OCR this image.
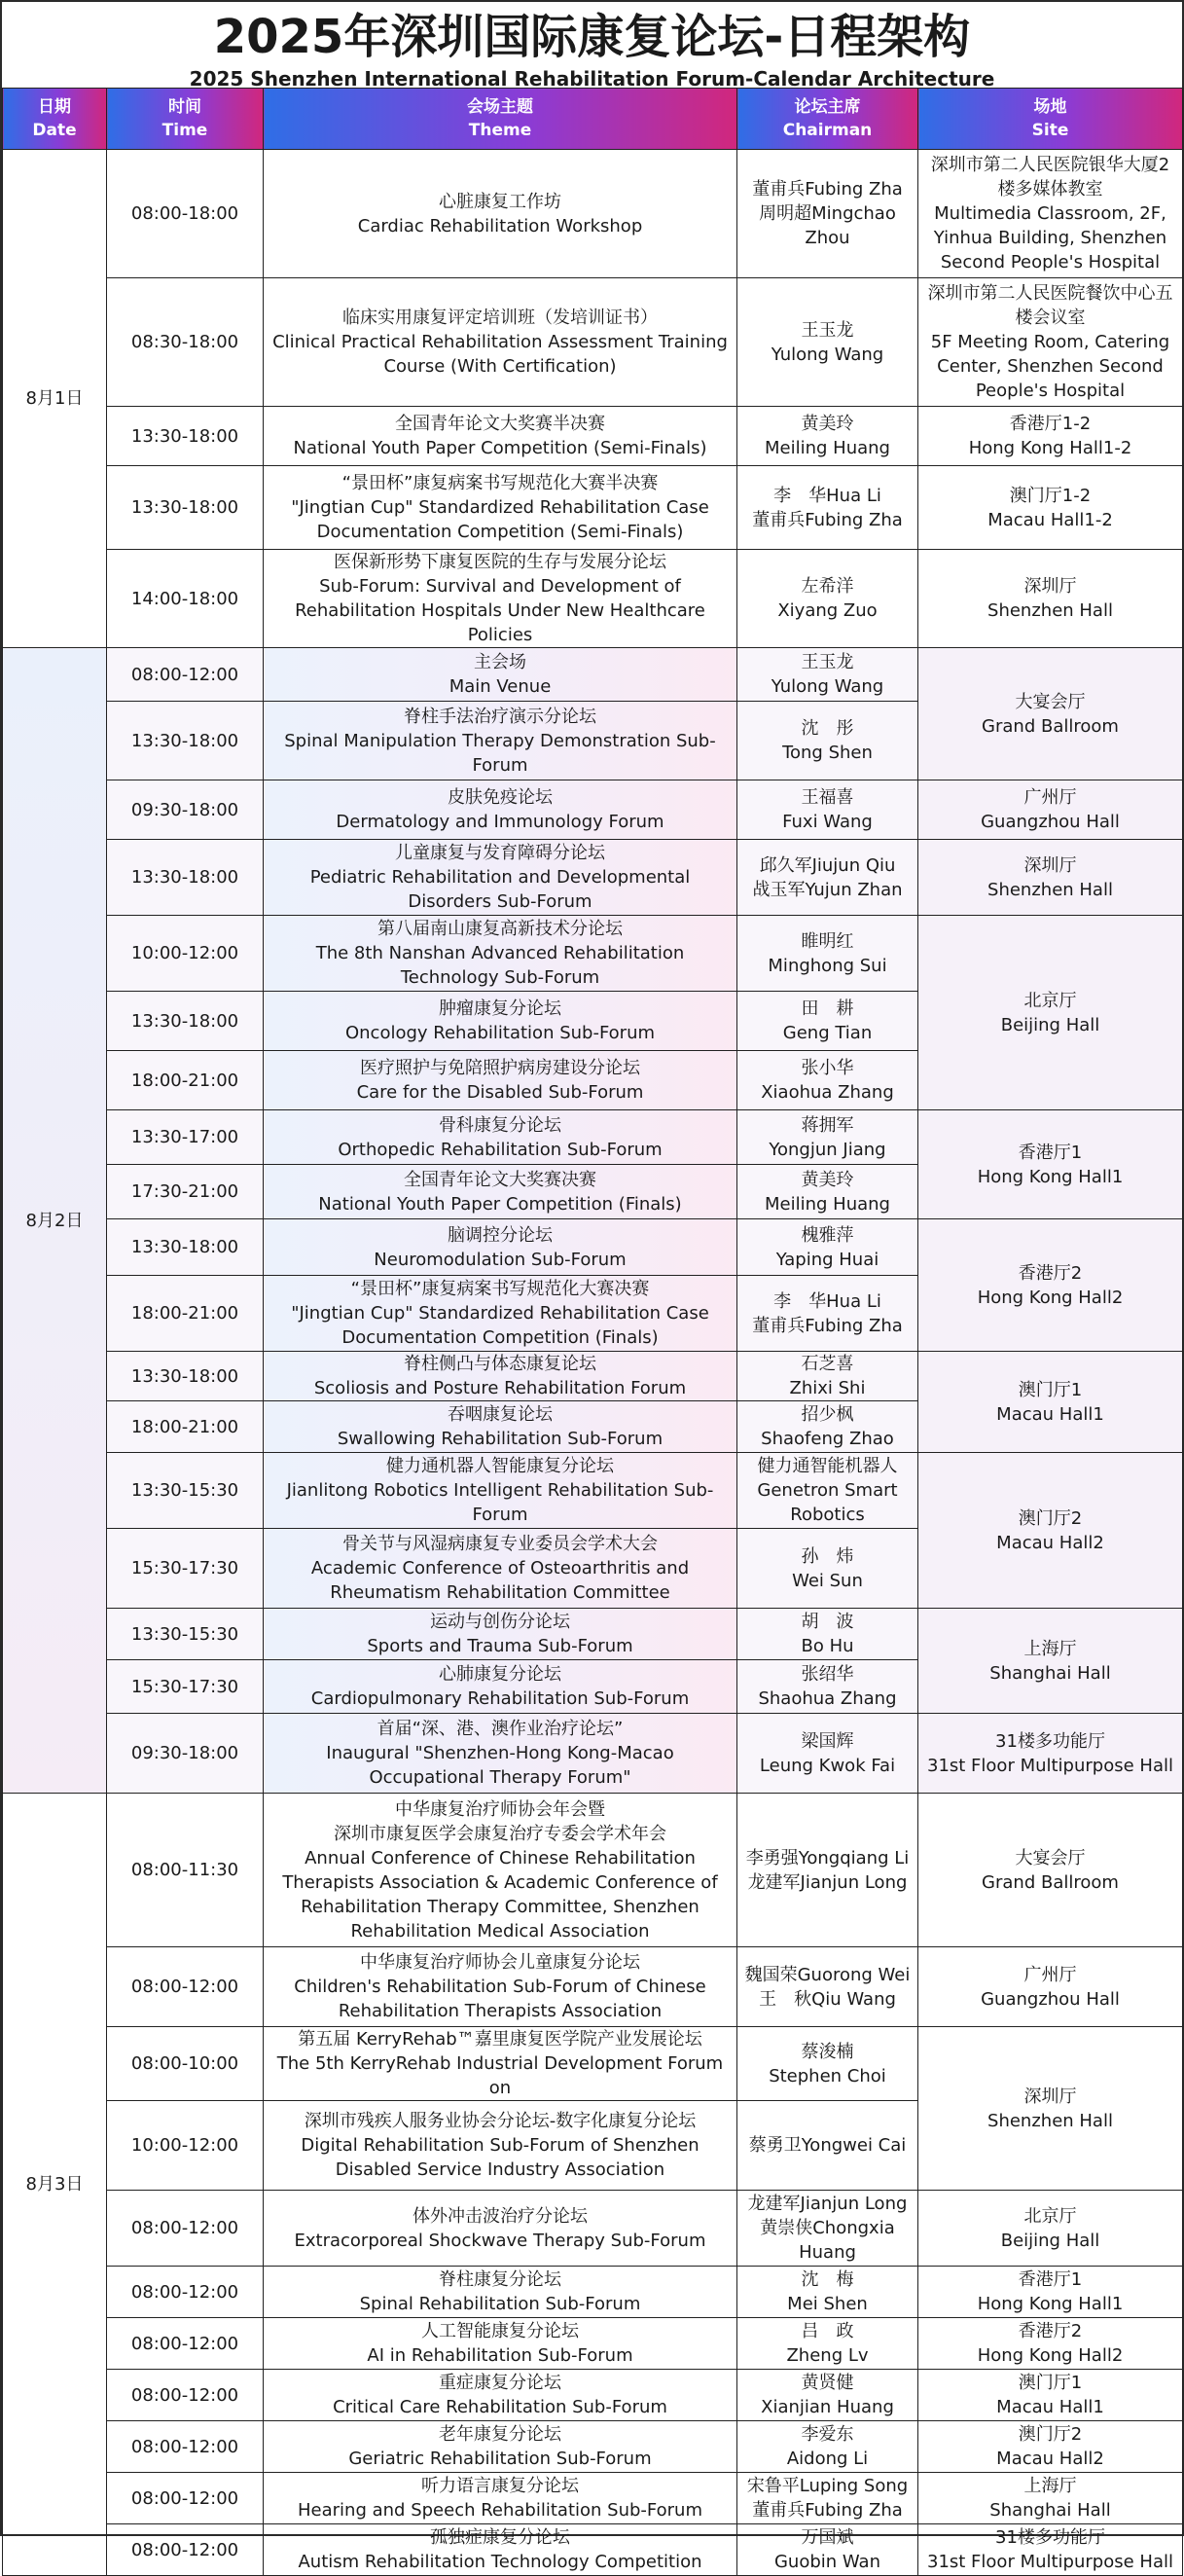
2025年深圳国际康复论坛-日程架构
2025 Shenzhen International Rehabilitation Forum-Calendar Architecture
日期
Date	时间
Time	会场主题
Theme	论坛主席
Chairman	场地
Site

8月1日	08:00-18:00	心脏康复工作坊
Cardiac Rehabilitation Workshop	董甫兵Fubing Zha
周明超Mingchao Zhou	深圳市第二人民医院银华大厦2楼多媒体教室
Multimedia Classroom, 2F, Yinhua Building, Shenzhen Second People's Hospital

	08:30-18:00	临床实用康复评定培训班（发培训证书）
Clinical Practical Rehabilitation Assessment Training Course (With Certification)	王玉龙
Yulong Wang	深圳市第二人民医院餐饮中心五楼会议室
5F Meeting Room, Catering Center, Shenzhen Second People's Hospital

	13:30-18:00	全国青年论文大奖赛半决赛
National Youth Paper Competition (Semi-Finals)	黄美玲
Meiling Huang	香港厅1-2
Hong Kong Hall1-2

	13:30-18:00	“景田杯”康复病案书写规范化大赛半决赛
"Jingtian Cup" Standardized Rehabilitation Case Documentation Competition (Semi-Finals)	李　华Hua Li
董甫兵Fubing Zha	澳门厅1-2
Macau Hall1-2

	14:00-18:00	医保新形势下康复医院的生存与发展分论坛
Sub-Forum: Survival and Development of Rehabilitation Hospitals Under New Healthcare Policies	左希洋
Xiyang Zuo	深圳厅
Shenzhen Hall

8月2日	08:00-12:00	主会场
Main Venue	王玉龙
Yulong Wang	大宴会厅
Grand Ballroom

	13:30-18:00	脊柱手法治疗演示分论坛
Spinal Manipulation Therapy Demonstration Sub-Forum	沈　彤
Tong Shen	

	09:30-18:00	皮肤免疫论坛
Dermatology and Immunology Forum	王福喜
Fuxi Wang	广州厅
Guangzhou Hall

	13:30-18:00	儿童康复与发育障碍分论坛
Pediatric Rehabilitation and Developmental Disorders Sub-Forum	邱久军Jiujun Qiu
战玉军Yujun Zhan	深圳厅
Shenzhen Hall

	10:00-12:00	第八届南山康复高新技术分论坛
The 8th Nanshan Advanced Rehabilitation Technology Sub-Forum	睢明红
Minghong Sui	北京厅
Beijing Hall

	13:30-18:00	肿瘤康复分论坛
Oncology Rehabilitation Sub-Forum	田　耕
Geng Tian	

	18:00-21:00	医疗照护与免陪照护病房建设分论坛
Care for the Disabled Sub-Forum	张小华
Xiaohua Zhang	

	13:30-17:00	骨科康复分论坛
Orthopedic Rehabilitation Sub-Forum	蒋拥军
Yongjun Jiang	香港厅1
Hong Kong Hall1

	17:30-21:00	全国青年论文大奖赛决赛
National Youth Paper Competition (Finals)	黄美玲
Meiling Huang	

	13:30-18:00	脑调控分论坛
Neuromodulation Sub-Forum	槐雅萍
Yaping Huai	香港厅2
Hong Kong Hall2

	18:00-21:00	“景田杯”康复病案书写规范化大赛决赛
"Jingtian Cup" Standardized Rehabilitation Case Documentation Competition (Finals)	李　华Hua Li
董甫兵Fubing Zha	

	13:30-18:00	脊柱侧凸与体态康复论坛
Scoliosis and Posture Rehabilitation Forum	石芝喜
Zhixi Shi	澳门厅1
Macau Hall1

	18:00-21:00	吞咽康复论坛
Swallowing Rehabilitation Sub-Forum	招少枫
Shaofeng Zhao	

	13:30-15:30	健力通机器人智能康复分论坛
Jianlitong Robotics Intelligent Rehabilitation Sub-Forum	健力通智能机器人
Genetron Smart Robotics	澳门厅2
Macau Hall2

	15:30-17:30	骨关节与风湿病康复专业委员会学术大会
Academic Conference of Osteoarthritis and Rheumatism Rehabilitation Committee	孙　炜
Wei Sun	

	13:30-15:30	运动与创伤分论坛
Sports and Trauma Sub-Forum	胡　波
Bo Hu	上海厅
Shanghai Hall

	15:30-17:30	心肺康复分论坛
Cardiopulmonary Rehabilitation Sub-Forum	张绍华
Shaohua Zhang	

	09:30-18:00	首届“深、港、澳作业治疗论坛”
Inaugural "Shenzhen-Hong Kong-Macao Occupational Therapy Forum"	梁国辉
Leung Kwok Fai	31楼多功能厅
31st Floor Multipurpose Hall

8月3日	08:00-11:30	中华康复治疗师协会年会暨
深圳市康复医学会康复治疗专委会学术年会
Annual Conference of Chinese Rehabilitation Therapists Association & Academic Conference of Rehabilitation Therapy Committee, Shenzhen Rehabilitation Medical Association	李勇强Yongqiang Li
龙建军Jianjun Long	大宴会厅
Grand Ballroom

	08:00-12:00	中华康复治疗师协会儿童康复分论坛
Children's Rehabilitation Sub-Forum of Chinese Rehabilitation Therapists Association	魏国荣Guorong Wei
王　秋Qiu Wang	广州厅
Guangzhou Hall

	08:00-10:00	第五届 KerryRehab™嘉里康复医学院产业发展论坛
The 5th KerryRehab Industrial Development Forum on	蔡浚楠
Stephen Choi	深圳厅
Shenzhen Hall

	10:00-12:00	深圳市残疾人服务业协会分论坛-数字化康复分论坛
Digital Rehabilitation Sub-Forum of Shenzhen Disabled Service Industry Association	蔡勇卫Yongwei Cai	

	08:00-12:00	体外冲击波治疗分论坛
Extracorporeal Shockwave Therapy Sub-Forum	龙建军Jianjun Long
黄崇侠Chongxia Huang	北京厅
Beijing Hall

	08:00-12:00	脊柱康复分论坛
Spinal Rehabilitation Sub-Forum	沈　梅
Mei Shen	香港厅1
Hong Kong Hall1

	08:00-12:00	人工智能康复分论坛
AI in Rehabilitation Sub-Forum	吕　政
Zheng Lv	香港厅2
Hong Kong Hall2

	08:00-12:00	重症康复分论坛
Critical Care Rehabilitation Sub-Forum	黄贤健
Xianjian Huang	澳门厅1
Macau Hall1

	08:00-12:00	老年康复分论坛
Geriatric Rehabilitation Sub-Forum	李爱东
Aidong Li	澳门厅2
Macau Hall2

	08:00-12:00	听力语言康复分论坛
Hearing and Speech Rehabilitation Sub-Forum	宋鲁平Luping Song
董甫兵Fubing Zha	上海厅
Shanghai Hall

	08:00-12:00	孤独症康复分论坛
Autism Rehabilitation Technology Competition	万国斌
Guobin Wan	31楼多功能厅
31st Floor Multipurpose Hall
